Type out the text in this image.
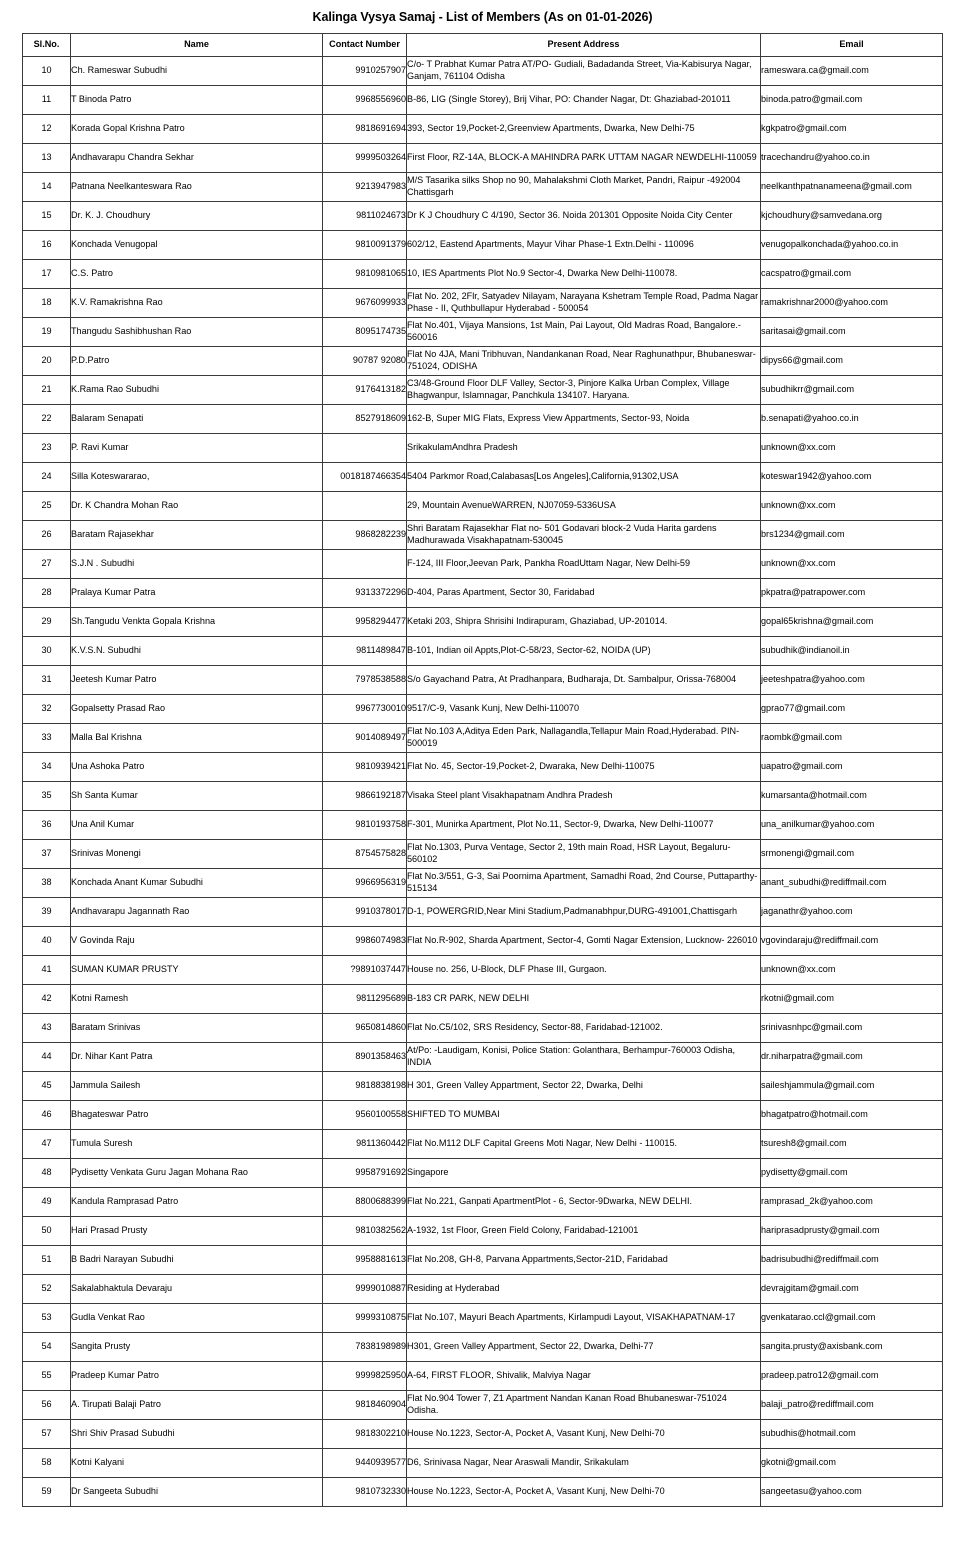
Kalinga Vysya Samaj - List of Members (As on 01-01-2026)
Sl.No.	Name	Contact Number	Present Address	Email
10	Ch. Rameswar Subudhi	9910257907	C/o- T Prabhat Kumar Patra AT/PO- Gudiali, Badadanda Street, Via-Kabisurya Nagar, Ganjam, 761104 Odisha	rameswara.ca@gmail.com
11	T Binoda Patro	9968556960	B-86, LIG (Single Storey), Brij Vihar, PO: Chander Nagar, Dt: Ghaziabad-201011	binoda.patro@gmail.com
12	Korada Gopal Krishna Patro	9818691694	393, Sector 19,Pocket-2,Greenview Apartments, Dwarka, New Delhi-75	kgkpatro@gmail.com
13	Andhavarapu Chandra Sekhar	9999503264	First Floor, RZ-14A, BLOCK-A MAHINDRA PARK UTTAM NAGAR NEWDELHI-110059	tracechandru@yahoo.co.in
14	Patnana Neelkanteswara Rao	9213947983	M/S Tasarika silks Shop no 90, Mahalakshmi Cloth Market, Pandri, Raipur -492004 Chattisgarh	neelkanthpatnanameena@gmail.com
15	Dr. K. J. Choudhury	9811024673	Dr K J Choudhury C 4/190, Sector 36. Noida 201301 Opposite Noida City Center	kjchoudhury@samvedana.org
16	Konchada Venugopal	9810091379	602/12, Eastend Apartments, Mayur Vihar Phase-1 Extn.Delhi - 110096	venugopalkonchada@yahoo.co.in
17	C.S. Patro	9810981065	10, IES Apartments Plot No.9 Sector-4, Dwarka New Delhi-110078.	cacspatro@gmail.com
18	K.V. Ramakrishna Rao	9676099933	Flat No. 202, 2Flr, Satyadev Nilayam, Narayana Kshetram Temple Road, Padma Nagar Phase - II, Quthbullapur Hyderabad - 500054	ramakrishnar2000@yahoo.com
19	Thangudu Sashibhushan Rao	8095174735	Flat No.401, Vijaya Mansions, 1st Main, Pai Layout, Old Madras Road, Bangalore.- 560016	saritasai@gmail.com
20	P.D.Patro	90787 92080	Flat No 4JA, Mani Tribhuvan, Nandankanan Road, Near Raghunathpur, Bhubaneswar-751024, ODISHA	dipys66@gmail.com
21	K.Rama Rao Subudhi	9176413182	C3/48-Ground Floor DLF Valley, Sector-3, Pinjore Kalka Urban Complex, Village Bhagwanpur, Islamnagar, Panchkula 134107. Haryana.	subudhikrr@gmail.com
22	Balaram Senapati	8527918609	162-B, Super MIG Flats, Express View Appartments, Sector-93, Noida	b.senapati@yahoo.co.in
23	P. Ravi Kumar		SrikakulamAndhra Pradesh	unknown@xx.com
24	Silla Koteswararao,	0018187466354	5404 Parkmor Road,Calabasas[Los Angeles],California,91302,USA	koteswar1942@yahoo.com
25	Dr. K Chandra Mohan Rao		29, Mountain AvenueWARREN, NJ07059-5336USA	unknown@xx.com
26	Baratam Rajasekhar	9868282239	Shri Baratam Rajasekhar Flat no- 501 Godavari block-2 Vuda Harita gardens Madhurawada Visakhapatnam-530045	brs1234@gmail.com
27	S.J.N . Subudhi		F-124, III Floor,Jeevan Park, Pankha RoadUttam Nagar, New Delhi-59	unknown@xx.com
28	Pralaya Kumar Patra	9313372296	D-404, Paras Apartment, Sector 30, Faridabad	pkpatra@patrapower.com
29	Sh.Tangudu Venkta Gopala Krishna	9958294477	Ketaki 203, Shipra Shrisihi Indirapuram, Ghaziabad, UP-201014.	gopal65krishna@gmail.com
30	K.V.S.N. Subudhi	9811489847	B-101, Indian oil Appts,Plot-C-58/23, Sector-62, NOIDA (UP)	subudhik@indianoil.in
31	Jeetesh Kumar Patro	7978538588	S/o Gayachand Patra, At Pradhanpara, Budharaja, Dt. Sambalpur, Orissa-768004	jeeteshpatra@yahoo.com
32	Gopalsetty Prasad Rao	9967730010	9517/C-9, Vasank Kunj, New Delhi-110070	gprao77@gmail.com
33	Malla Bal Krishna	9014089497	Flat No.103 A,Aditya Eden Park, Nallagandla,Tellapur Main Road,Hyderabad. PIN-500019	raombk@gmail.com
34	Una Ashoka Patro	9810939421	Flat No. 45, Sector-19,Pocket-2, Dwaraka, New Delhi-110075	uapatro@gmail.com
35	Sh Santa Kumar	9866192187	Visaka Steel plant Visakhapatnam Andhra Pradesh	kumarsanta@hotmail.com
36	Una Anil Kumar	9810193758	F-301, Munirka Apartment, Plot No.11, Sector-9, Dwarka, New Delhi-110077	una_anilkumar@yahoo.com
37	Srinivas Monengi	8754575828	Flat No.1303, Purva Ventage, Sector 2, 19th main Road, HSR Layout, Begaluru-560102	srmonengi@gmail.com
38	Konchada Anant Kumar Subudhi	9966956319	Flat No.3/551, G-3, Sai Poornima Apartment, Samadhi Road, 2nd Course, Puttaparthy-515134	anant_subudhi@rediffmail.com
39	Andhavarapu Jagannath Rao	9910378017	D-1, POWERGRID,Near Mini Stadium,Padmanabhpur,DURG-491001,Chattisgarh	jaganathr@yahoo.com
40	V Govinda Raju	9986074983	Flat No.R-902, Sharda Apartment, Sector-4, Gomti Nagar Extension, Lucknow- 226010	vgovindaraju@rediffmail.com
41	SUMAN KUMAR PRUSTY	?9891037447	House no. 256, U-Block, DLF Phase III, Gurgaon.	unknown@xx.com
42	Kotni Ramesh	9811295689	B-183 CR PARK, NEW DELHI	rkotni@gmail.com
43	Baratam Srinivas	9650814860	Flat No.C5/102, SRS Residency, Sector-88, Faridabad-121002.	srinivasnhpc@gmail.com
44	Dr. Nihar Kant Patra	8901358463	At/Po: -Laudigam, Konisi, Police Station: Golanthara, Berhampur-760003 Odisha, INDIA	dr.niharpatra@gmail.com
45	Jammula Sailesh	9818838198	H 301, Green Valley Appartment, Sector 22, Dwarka, Delhi	saileshjammula@gmail.com
46	Bhagateswar Patro	9560100558	SHIFTED TO MUMBAI	bhagatpatro@hotmail.com
47	Tumula Suresh	9811360442	Flat No.M112 DLF Capital Greens Moti Nagar, New Delhi - 110015.	tsuresh8@gmail.com
48	Pydisetty Venkata Guru Jagan Mohana Rao	9958791692	Singapore	pydisetty@gmail.com
49	Kandula Ramprasad Patro	8800688399	Flat No.221, Ganpati ApartmentPlot - 6, Sector-9Dwarka, NEW DELHI.	ramprasad_2k@yahoo.com
50	Hari Prasad Prusty	9810382562	A-1932, 1st Floor, Green Field Colony, Faridabad-121001	hariprasadprusty@gmail.com
51	B Badri Narayan Subudhi	9958881613	Flat No.208, GH-8, Parvana Appartments,Sector-21D, Faridabad	badrisubudhi@rediffmail.com
52	Sakalabhaktula Devaraju	9999010887	Residing at Hyderabad	devrajgitam@gmail.com
53	Gudla Venkat Rao	9999310875	Flat No.107, Mayuri Beach Apartments, Kirlampudi Layout, VISAKHAPATNAM-17	gvenkatarao.ccl@gmail.com
54	Sangita Prusty	7838198989	H301, Green Valley Appartment, Sector 22, Dwarka, Delhi-77	sangita.prusty@axisbank.com
55	Pradeep Kumar Patro	9999825950	A-64, FIRST FLOOR, Shivalik, Malviya Nagar	pradeep.patro12@gmail.com
56	A. Tirupati Balaji Patro	9818460904	Flat No.904 Tower 7, Z1 Apartment Nandan Kanan Road Bhubaneswar-751024 Odisha.	balaji_patro@rediffmail.com
57	Shri Shiv Prasad Subudhi	9818302210	House No.1223, Sector-A, Pocket A, Vasant Kunj, New Delhi-70	subudhis@hotmail.com
58	Kotni Kalyani	9440939577	D6, Srinivasa Nagar, Near Araswali Mandir, Srikakulam	gkotni@gmail.com
59	Dr Sangeeta Subudhi	9810732330	House No.1223, Sector-A, Pocket A, Vasant Kunj, New Delhi-70	sangeetasu@yahoo.com
